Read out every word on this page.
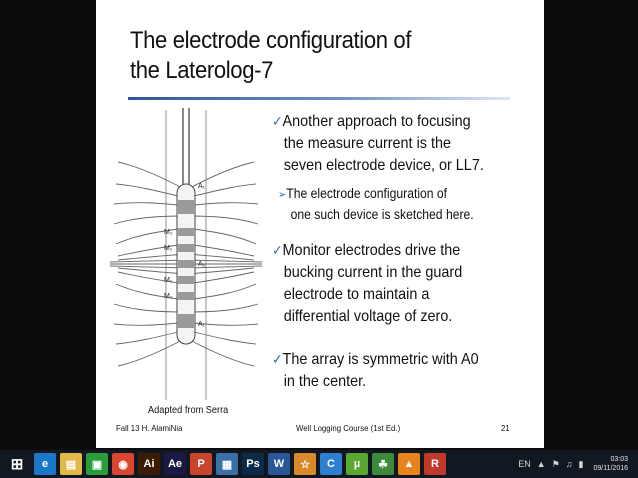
The electrode configuration of
the Laterolog-7
A₁
M₂
M₁
A₀
M₁
M₂
A₁
Adapted from Serra
✓Another approach to focusing
the measure current is the
seven electrode device, or LL7.
➢The electrode configuration of
one such device is sketched here.
✓Monitor electrodes drive the
bucking current in the guard
electrode to maintain a
differential voltage of zero.
✓The array is symmetric with A0
in the center.
Fall 13 H. AlamiNia	Well Logging Course (1st Ed.)	21
⊞	e	▤	▣	◉	Ai	Ae	P	▦	Ps	W	☆	C	µ	☘	▲	R	EN ▲ ⚑ ♫ ▮	03:03
09/11/2016
